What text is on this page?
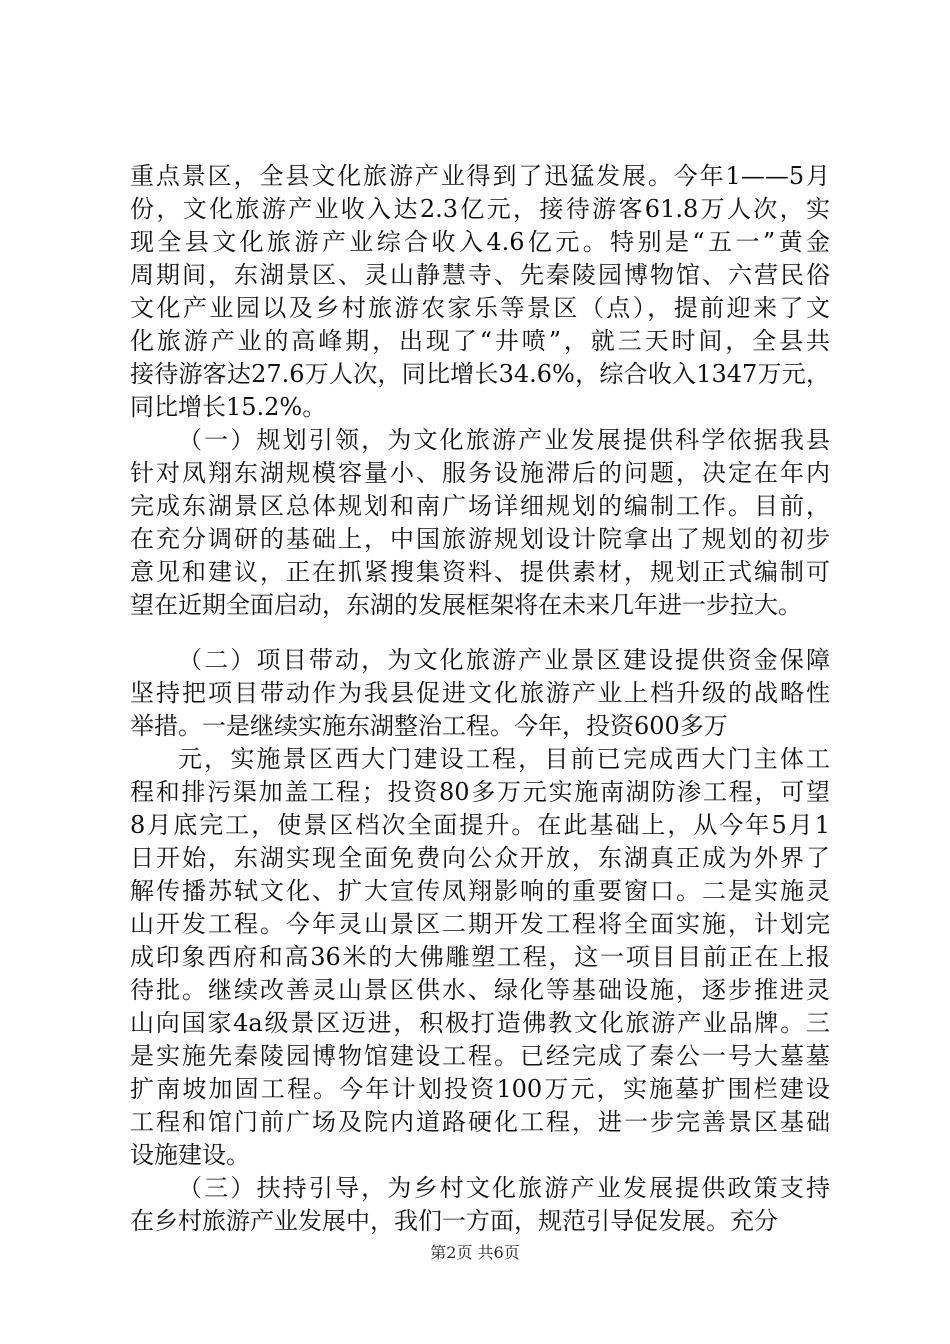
重点景区，全县文化旅游产业得到了迅猛发展。今年1——5月
份，文化旅游产业收入达2.3亿元，接待游客61.8万人次，实
现全县文化旅游产业综合收入4.6亿元。特别是“五一”黄金
周期间，东湖景区、灵山静慧寺、先秦陵园博物馆、六营民俗
文化产业园以及乡村旅游农家乐等景区（点），提前迎来了文
化旅游产业的高峰期，出现了“井喷”，就三天时间，全县共
接待游客达27.6万人次，同比增长34.6%，综合收入1347万元，
同比增长15.2%。
（一）规划引领，为文化旅游产业发展提供科学依据我县
针对凤翔东湖规模容量小、服务设施滞后的问题，决定在年内
完成东湖景区总体规划和南广场详细规划的编制工作。目前，
在充分调研的基础上，中国旅游规划设计院拿出了规划的初步
意见和建议，正在抓紧搜集资料、提供素材，规划正式编制可
望在近期全面启动，东湖的发展框架将在未来几年进一步拉大。
（二）项目带动，为文化旅游产业景区建设提供资金保障
坚持把项目带动作为我县促进文化旅游产业上档升级的战略性
举措。一是继续实施东湖整治工程。今年，投资600多万
元，实施景区西大门建设工程，目前已完成西大门主体工
程和排污渠加盖工程；投资80多万元实施南湖防渗工程，可望
8月底完工，使景区档次全面提升。在此基础上，从今年5月1
日开始，东湖实现全面免费向公众开放，东湖真正成为外界了
解传播苏轼文化、扩大宣传凤翔影响的重要窗口。二是实施灵
山开发工程。今年灵山景区二期开发工程将全面实施，计划完
成印象西府和高36米的大佛雕塑工程，这一项目目前正在上报
待批。继续改善灵山景区供水、绿化等基础设施，逐步推进灵
山向国家4a级景区迈进，积极打造佛教文化旅游产业品牌。三
是实施先秦陵园博物馆建设工程。已经完成了秦公一号大墓墓
扩南坡加固工程。今年计划投资100万元，实施墓扩围栏建设
工程和馆门前广场及院内道路硬化工程，进一步完善景区基础
设施建设。
（三）扶持引导，为乡村文化旅游产业发展提供政策支持
在乡村旅游产业发展中，我们一方面，规范引导促发展。充分
第2页 共6页
